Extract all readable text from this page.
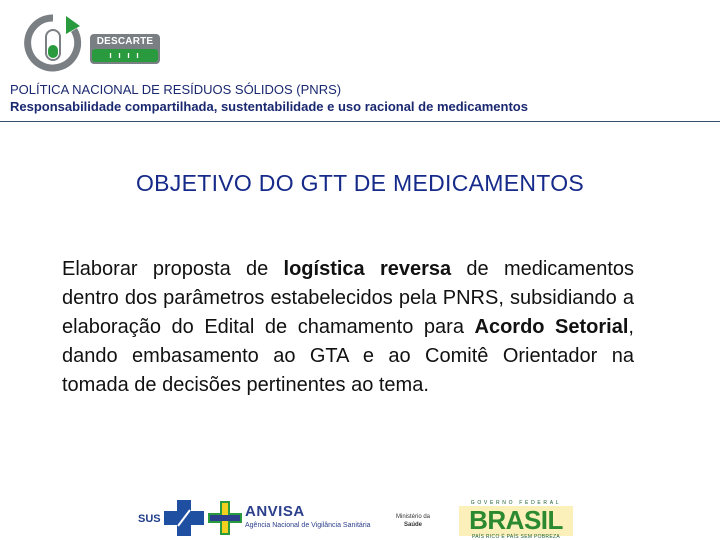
DESCARTE
ı ı ı ı
POLÍTICA NACIONAL DE RESÍDUOS SÓLIDOS (PNRS)
Responsabilidade compartilhada, sustentabilidade e uso racional de medicamentos
OBJETIVO DO GTT DE MEDICAMENTOS
Elaborar proposta de logística reversa de medicamentos dentro dos parâmetros estabelecidos pela PNRS, subsidiando a elaboração do Edital de chamamento para Acordo Setorial, dando embasamento ao GTA e ao Comitê Orientador na tomada de decisões pertinentes ao tema.
SUS	ANVISA
Agência Nacional de Vigilância Sanitária
Ministério da
Saúde
GOVERNO FEDERAL
BRASIL
PAÍS RICO É PAÍS SEM POBREZA
